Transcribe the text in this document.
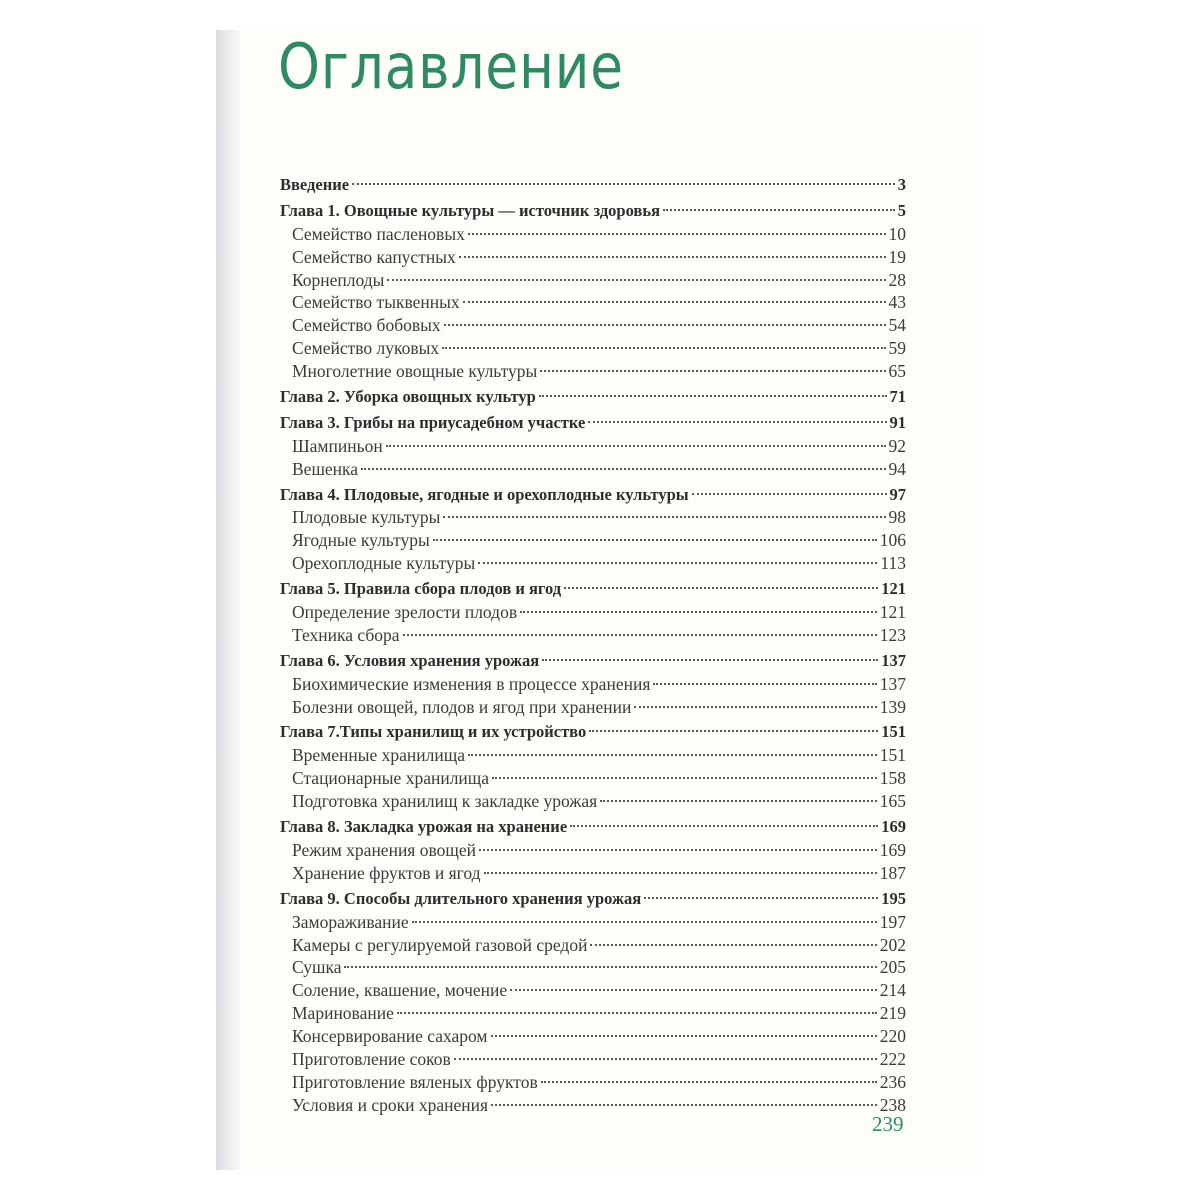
Оглавление
Введение	3
Глава 1. Овощные культуры — источник здоровья	5
Семейство пасленовых	10
Семейство капустных	19
Корнеплоды	28
Семейство тыквенных	43
Семейство бобовых	54
Семейство луковых	59
Многолетние овощные культуры	65
Глава 2. Уборка овощных культур	71
Глава 3. Грибы на приусадебном участке	91
Шампиньон	92
Вешенка	94
Глава 4. Плодовые, ягодные и орехоплодные культуры	97
Плодовые культуры	98
Ягодные культуры	106
Орехоплодные культуры	113
Глава 5. Правила сбора плодов и ягод	121
Определение зрелости плодов	121
Техника сбора	123
Глава 6. Условия хранения урожая	137
Биохимические изменения в процессе хранения	137
Болезни овощей, плодов и ягод при хранении	139
Глава 7.Типы хранилищ и их устройство	151
Временные хранилища	151
Стационарные хранилища	158
Подготовка хранилищ к закладке урожая	165
Глава 8. Закладка урожая на хранение	169
Режим хранения овощей	169
Хранение фруктов и ягод	187
Глава 9. Способы длительного хранения урожая	195
Замораживание	197
Камеры с регулируемой газовой средой	202
Сушка	205
Соление, квашение, мочение	214
Маринование	219
Консервирование сахаром	220
Приготовление соков	222
Приготовление вяленых фруктов	236
Условия и сроки хранения	238
239
